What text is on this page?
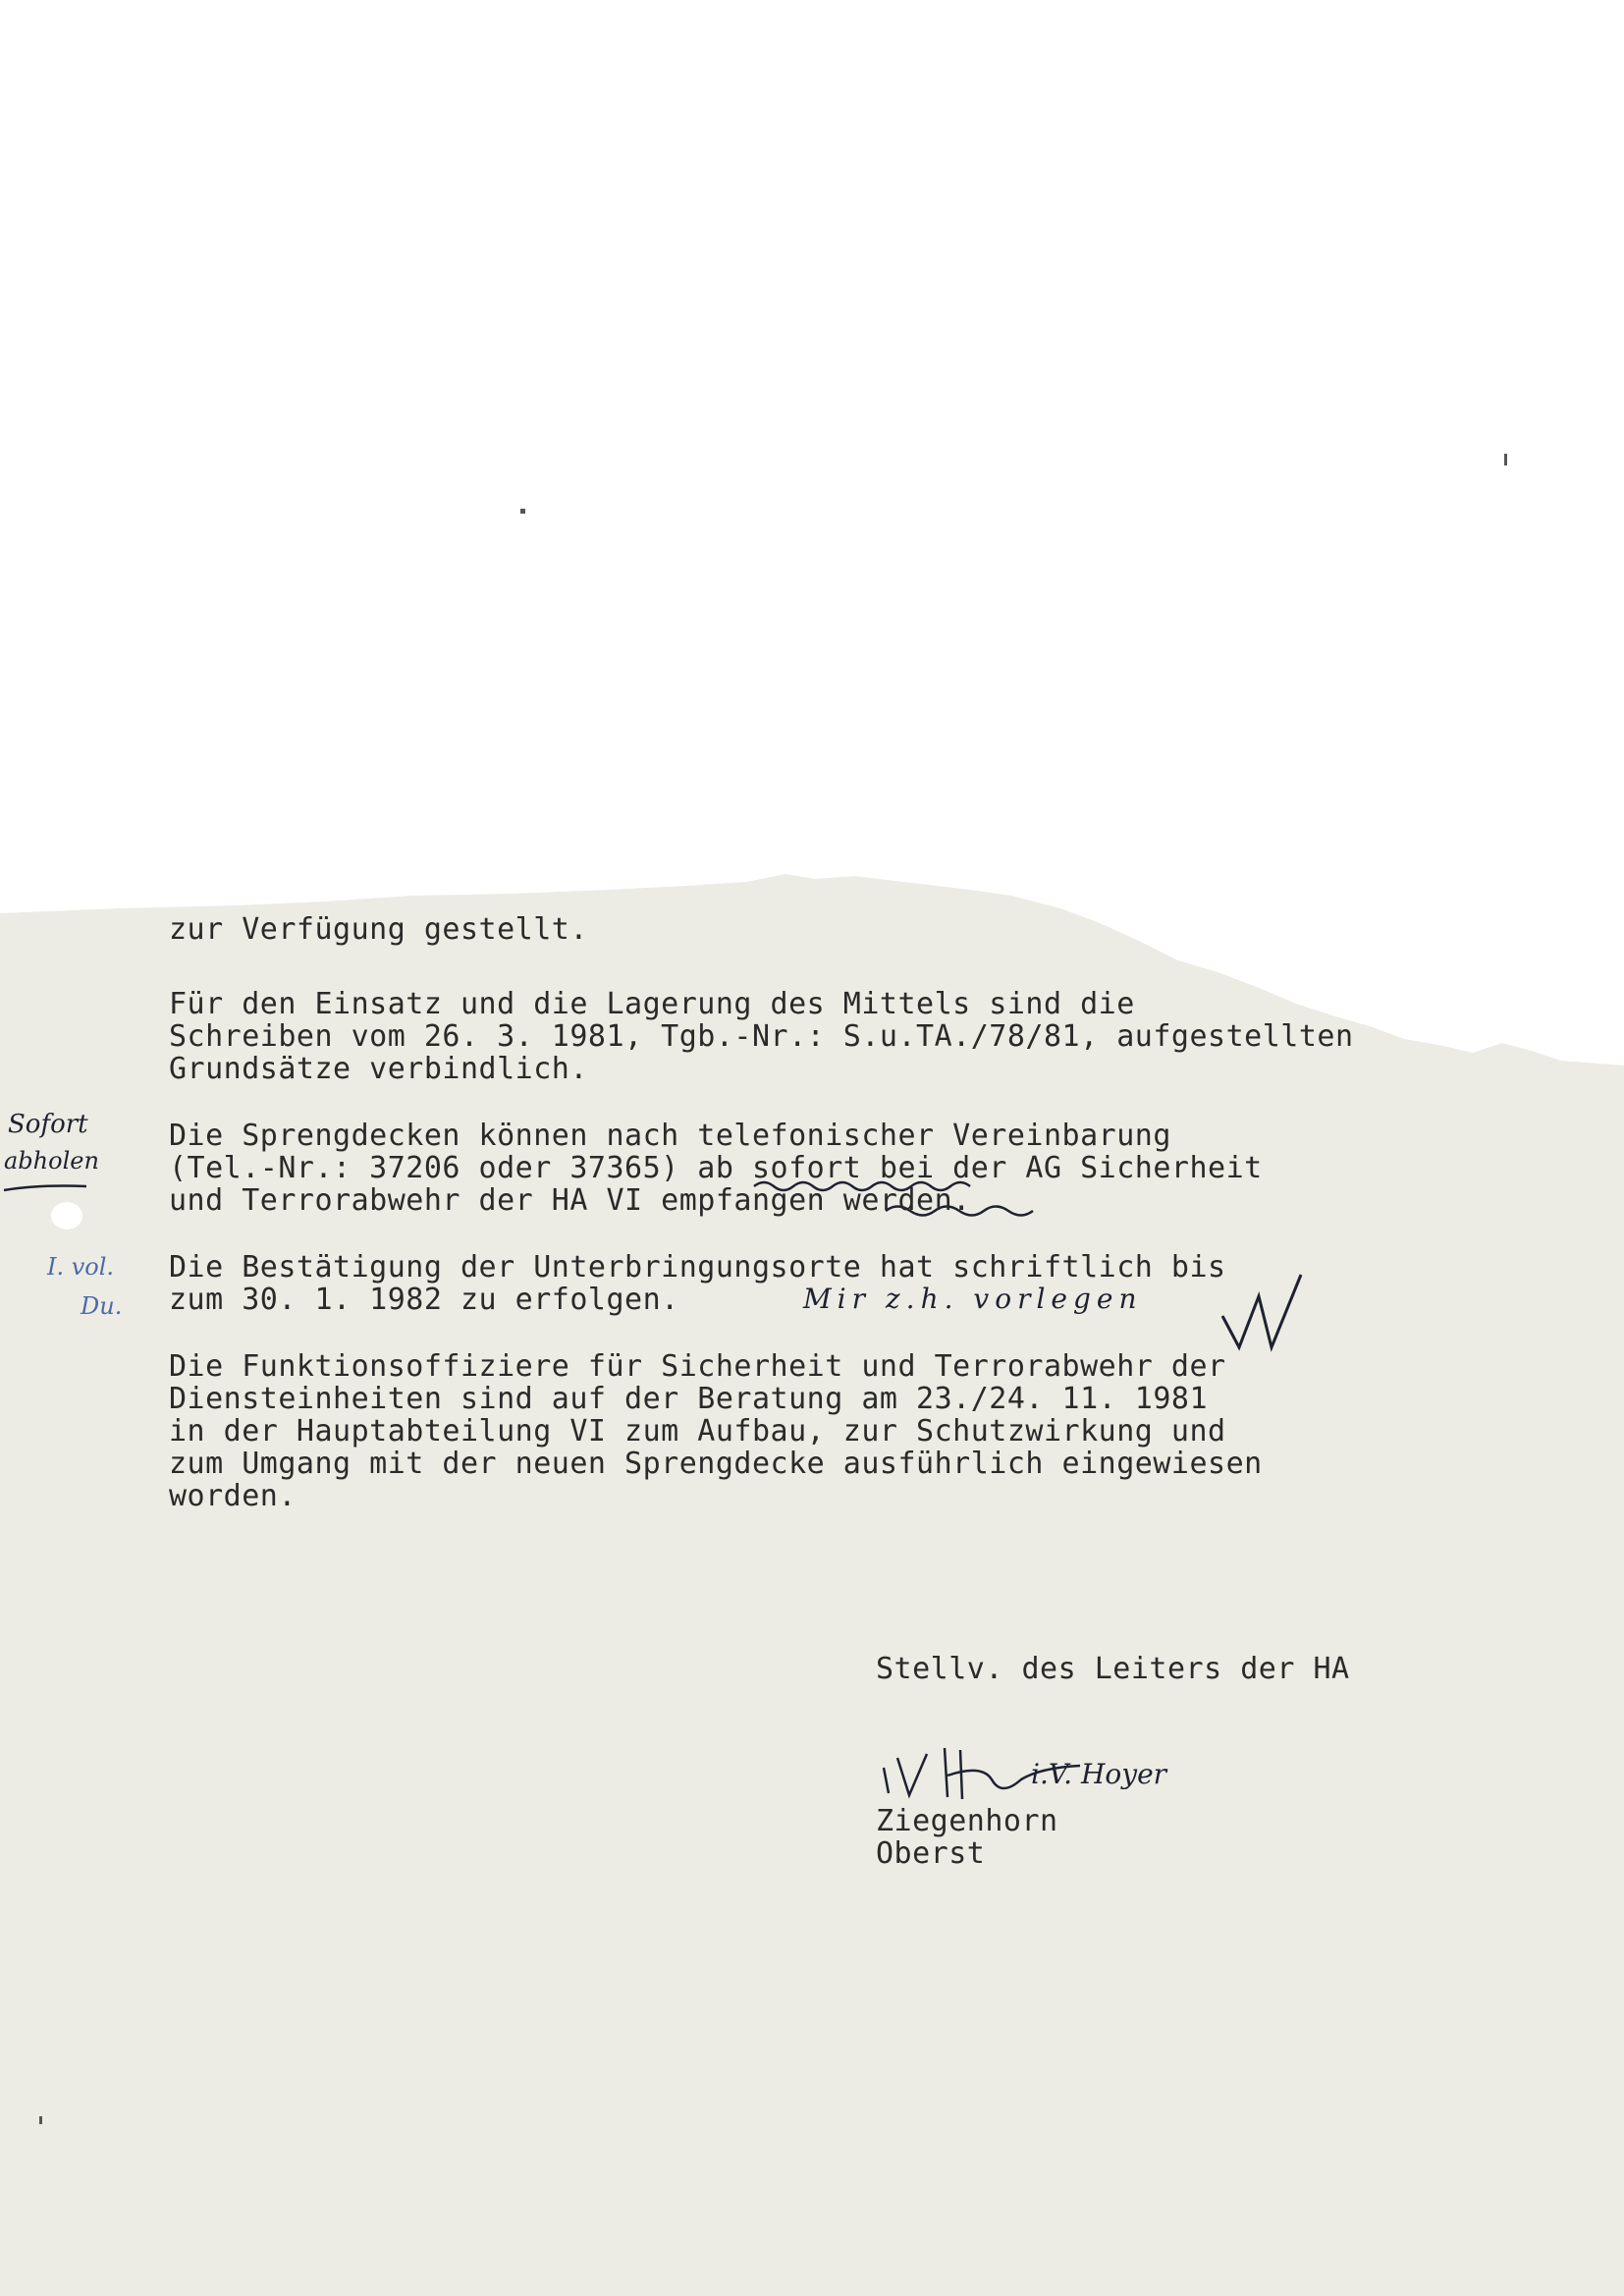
zur Verfügung gestellt.

Für den Einsatz und die Lagerung des Mittels sind die

Schreiben vom 26. 3. 1981, Tgb.-Nr.: S.u.TA./78/81, aufgestellten

Grundsätze verbindlich.

Die Sprengdecken können nach telefonischer Vereinbarung

(Tel.-Nr.: 37206 oder 37365) ab sofort bei der AG Sicherheit

und Terrorabwehr der HA VI empfangen werden.

Die Bestätigung der Unterbringungsorte hat schriftlich bis

zum 30. 1. 1982 zu erfolgen.

Die Funktionsoffiziere für Sicherheit und Terrorabwehr der

Diensteinheiten sind auf der Beratung am 23./24. 11. 1981

in der Hauptabteilung VI zum Aufbau, zur Schutzwirkung und

zum Umgang mit der neuen Sprengdecke ausführlich eingewiesen

worden.

Stellv. des Leiters der HA

Ziegenhorn

Oberst

Sofort
abholen
I. vol.
Du.	Mir z.h. vorlegen
i.V. Hoyer
